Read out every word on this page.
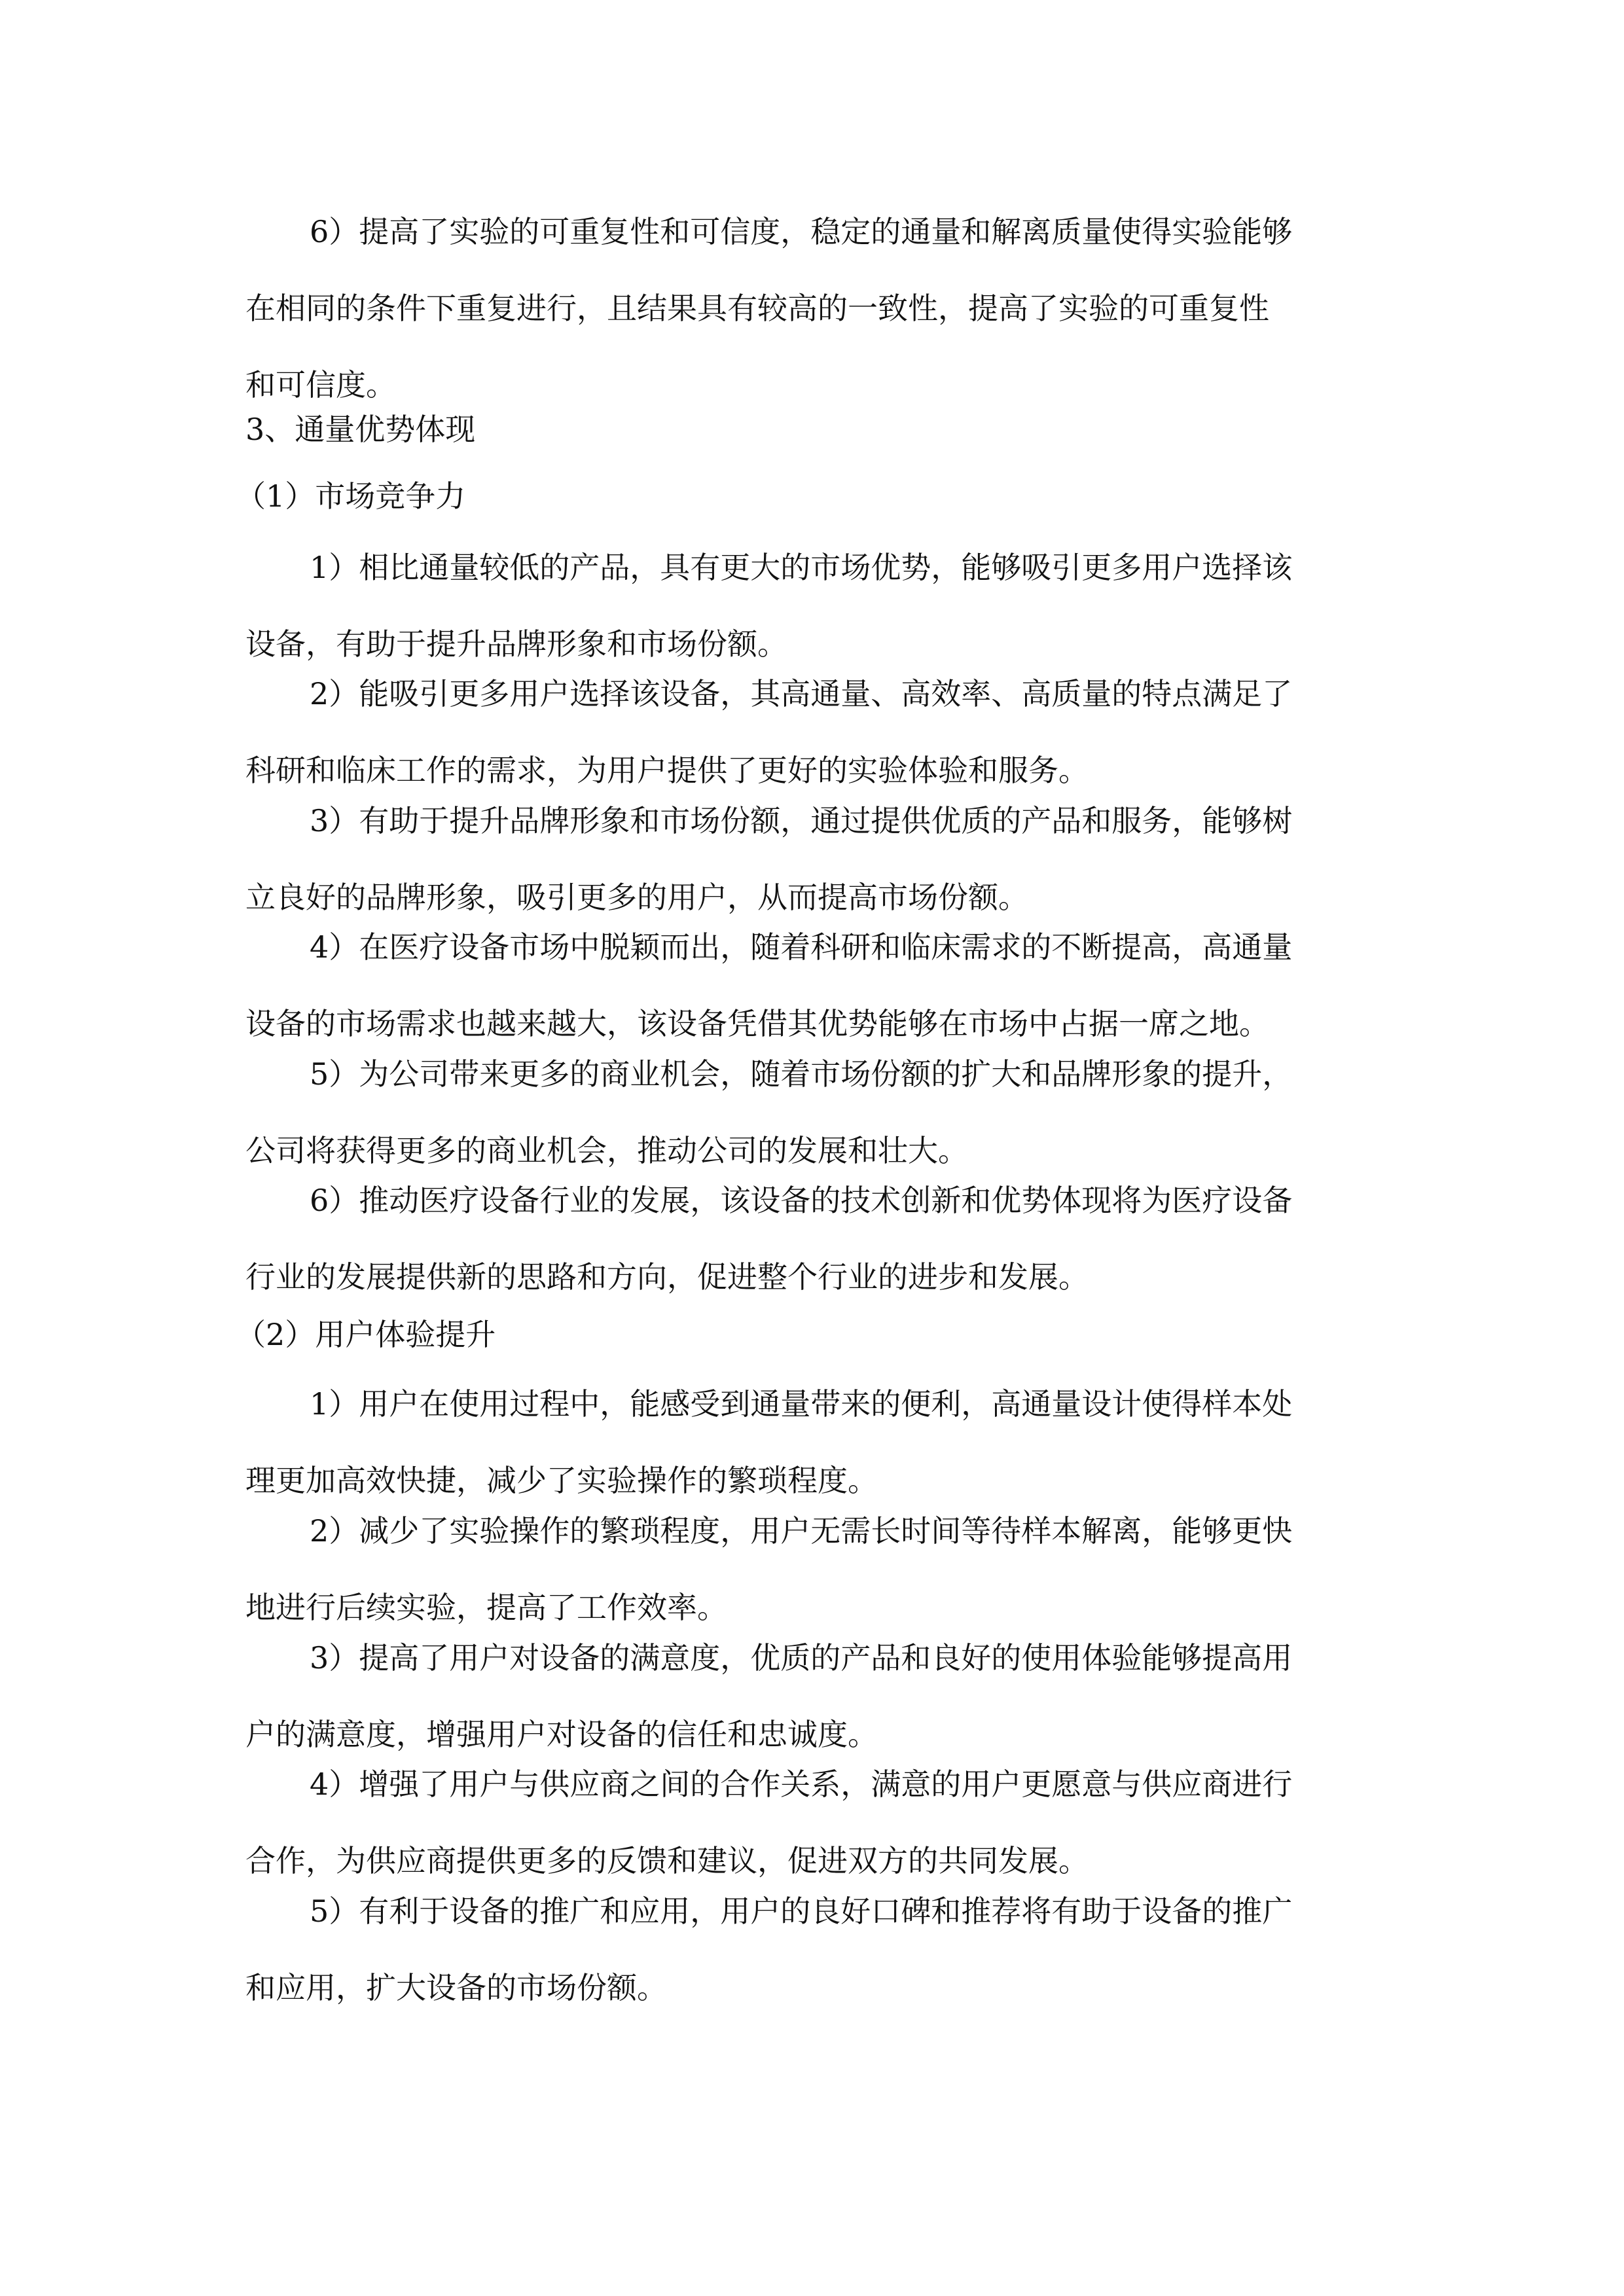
6）提高了实验的可重复性和可信度，稳定的通量和解离质量使得实验能够
在相同的条件下重复进行，且结果具有较高的一致性，提高了实验的可重复性
和可信度。
3、通量优势体现
（1）市场竞争力
1）相比通量较低的产品，具有更大的市场优势，能够吸引更多用户选择该
设备，有助于提升品牌形象和市场份额。
2）能吸引更多用户选择该设备，其高通量、高效率、高质量的特点满足了
科研和临床工作的需求，为用户提供了更好的实验体验和服务。
3）有助于提升品牌形象和市场份额，通过提供优质的产品和服务，能够树
立良好的品牌形象，吸引更多的用户，从而提高市场份额。
4）在医疗设备市场中脱颖而出，随着科研和临床需求的不断提高，高通量
设备的市场需求也越来越大，该设备凭借其优势能够在市场中占据一席之地。
5）为公司带来更多的商业机会，随着市场份额的扩大和品牌形象的提升，
公司将获得更多的商业机会，推动公司的发展和壮大。
6）推动医疗设备行业的发展，该设备的技术创新和优势体现将为医疗设备
行业的发展提供新的思路和方向，促进整个行业的进步和发展。
（2）用户体验提升
1）用户在使用过程中，能感受到通量带来的便利，高通量设计使得样本处
理更加高效快捷，减少了实验操作的繁琐程度。
2）减少了实验操作的繁琐程度，用户无需长时间等待样本解离，能够更快
地进行后续实验，提高了工作效率。
3）提高了用户对设备的满意度，优质的产品和良好的使用体验能够提高用
户的满意度，增强用户对设备的信任和忠诚度。
4）增强了用户与供应商之间的合作关系，满意的用户更愿意与供应商进行
合作，为供应商提供更多的反馈和建议，促进双方的共同发展。
5）有利于设备的推广和应用，用户的良好口碑和推荐将有助于设备的推广
和应用，扩大设备的市场份额。
